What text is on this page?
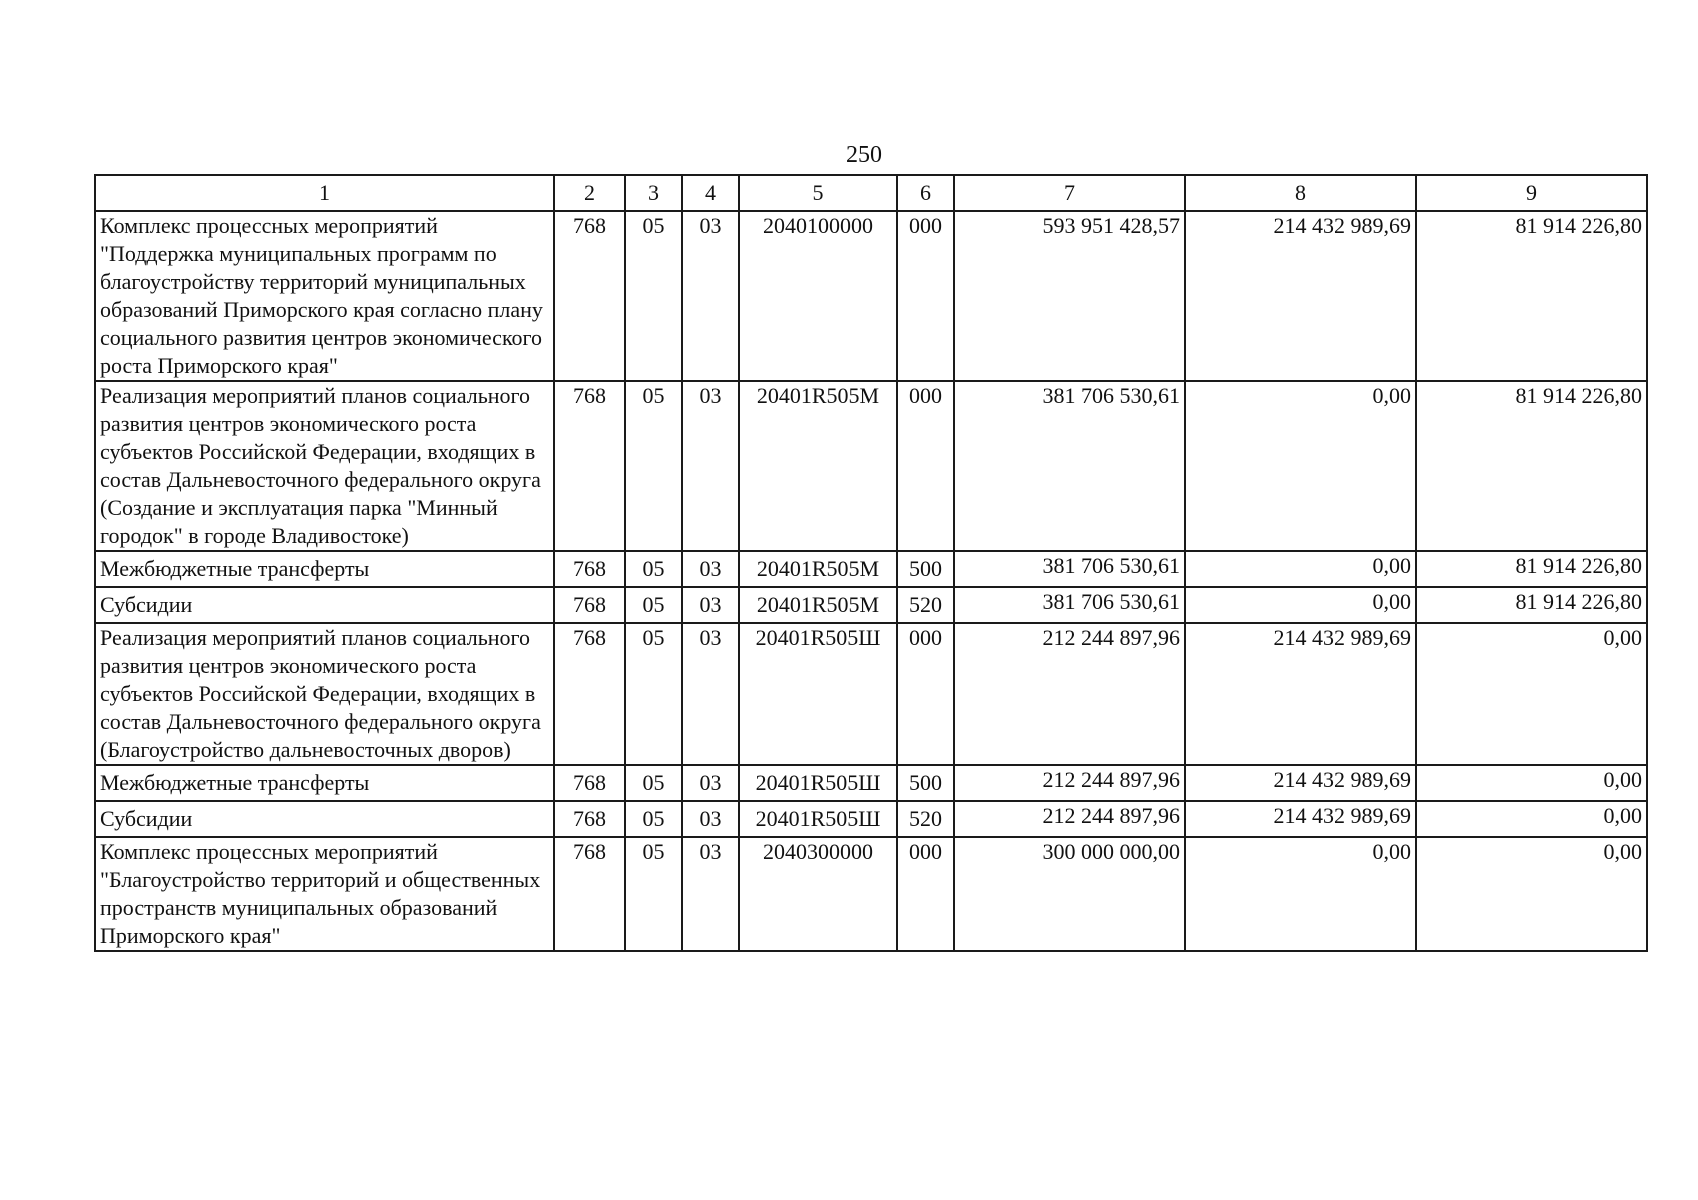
250
1	2	3	4	5	6	7	8	9
Комплекс процессных мероприятий "Поддержка муниципальных программ по благоустройству территорий муниципальных образований Приморского края согласно плану социального развития центров экономического роста Приморского края"	768	05	03	2040100000	000	593 951 428,57	214 432 989,69	81 914 226,80
Реализация мероприятий планов социального развития центров экономического роста субъектов Российской Федерации, входящих в состав Дальневосточного федерального округа (Создание и эксплуатация парка "Минный городок" в городе Владивостоке)	768	05	03	20401R505M	000	381 706 530,61	0,00	81 914 226,80
Межбюджетные трансферты	768	05	03	20401R505M	500	381 706 530,61	0,00	81 914 226,80
Субсидии	768	05	03	20401R505M	520	381 706 530,61	0,00	81 914 226,80
Реализация мероприятий планов социального развития центров экономического роста субъектов Российской Федерации, входящих в состав Дальневосточного федерального округа (Благоустройство дальневосточных дворов)	768	05	03	20401R505Ш	000	212 244 897,96	214 432 989,69	0,00
Межбюджетные трансферты	768	05	03	20401R505Ш	500	212 244 897,96	214 432 989,69	0,00
Субсидии	768	05	03	20401R505Ш	520	212 244 897,96	214 432 989,69	0,00
Комплекс процессных мероприятий "Благоустройство территорий и общественных пространств муниципальных образований Приморского края"	768	05	03	2040300000	000	300 000 000,00	0,00	0,00
